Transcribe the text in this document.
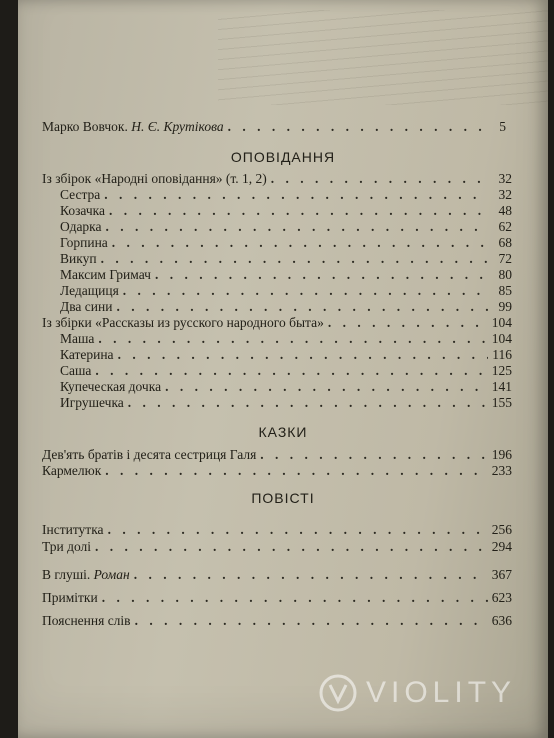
Марко Вовчок. Н. Є. Крутікова . . .	5
ОПОВІДАННЯ
Із збірок «Народні оповідання» (т. 1, 2) . . .	32
Сестра . . .	32
Козачка . . .	48
Одарка . . .	62
Горпина . . .	68
Викуп . . .	72
Максим Гримач . . .	80
Ледащиця . . .	85
Два сини . . .	99
Із збірки «Рассказы из русского народного быта» . . .	104
Маша . . .	104
Катерина . . .	116
Саша . . .	125
Купеческая дочка . . .	141
Игрушечка . . .	155
КАЗКИ
Дев'ять братів і десята сестриця Галя . . .	196
Кармелюк . . .	233
ПОВІСТІ
Інститутка . . .	256
Три долі . . .	294
В глуші. Роман . . .	367
Примітки . . .	623
Пояснення слів . . .	636
VIOLITY
